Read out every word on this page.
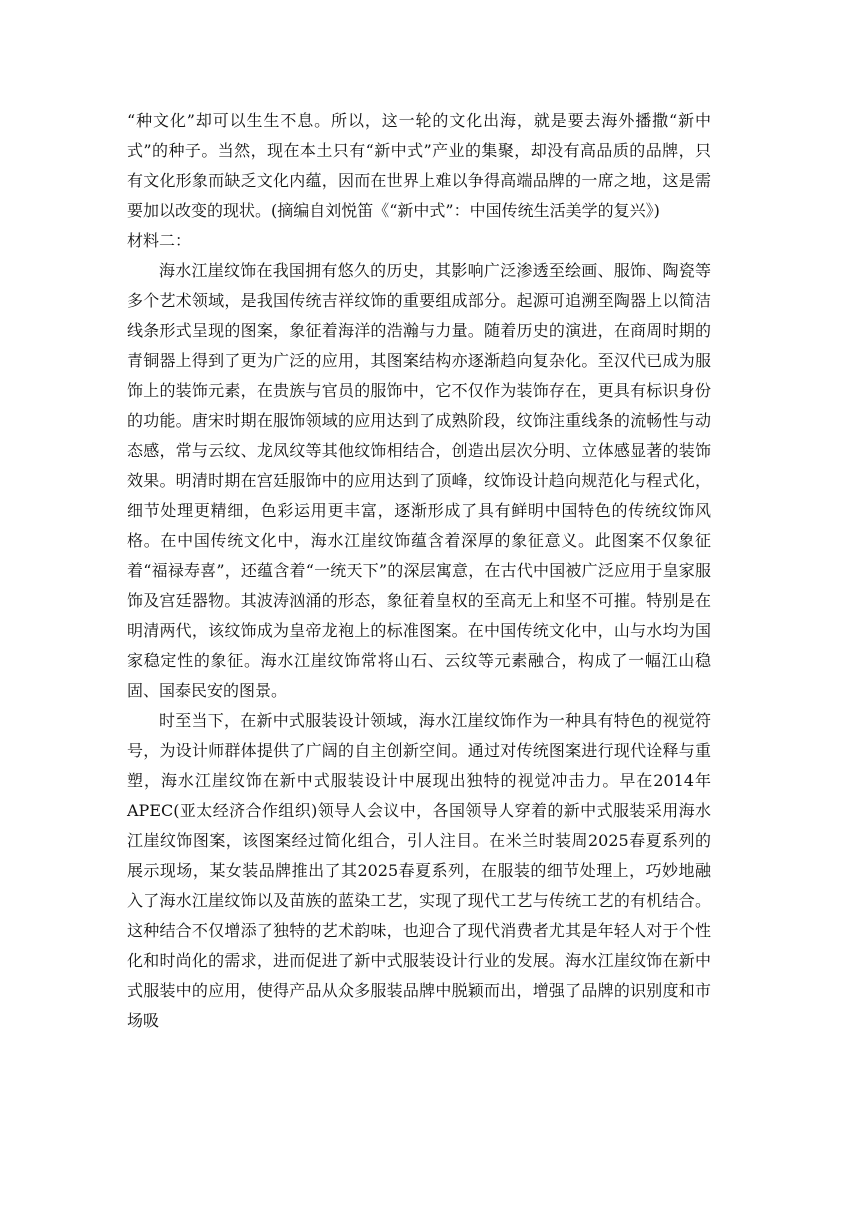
“种文化”却可以生生不息。所以，这一轮的文化出海，就是要去海外播撒“新中式”的种子。当然，现在本土只有“新中式”产业的集聚，却没有高品质的品牌，只有文化形象而缺乏文化内蕴，因而在世界上难以争得高端品牌的一席之地，这是需要加以改变的现状。(摘编自刘悦笛《“新中式”：中国传统生活美学的复兴》)

材料二：

海水江崖纹饰在我国拥有悠久的历史，其影响广泛渗透至绘画、服饰、陶瓷等多个艺术领域，是我国传统吉祥纹饰的重要组成部分。起源可追溯至陶器上以简洁线条形式呈现的图案，象征着海洋的浩瀚与力量。随着历史的演进，在商周时期的青铜器上得到了更为广泛的应用，其图案结构亦逐渐趋向复杂化。至汉代已成为服饰上的装饰元素，在贵族与官员的服饰中，它不仅作为装饰存在，更具有标识身份的功能。唐宋时期在服饰领域的应用达到了成熟阶段，纹饰注重线条的流畅性与动态感，常与云纹、龙凤纹等其他纹饰相结合，创造出层次分明、立体感显著的装饰效果。明清时期在宫廷服饰中的应用达到了顶峰，纹饰设计趋向规范化与程式化，细节处理更精细，色彩运用更丰富，逐渐形成了具有鲜明中国特色的传统纹饰风格。在中国传统文化中，海水江崖纹饰蕴含着深厚的象征意义。此图案不仅象征着“福禄寿喜”，还蕴含着“一统天下”的深层寓意，在古代中国被广泛应用于皇家服饰及宫廷器物。其波涛汹涌的形态，象征着皇权的至高无上和坚不可摧。特别是在明清两代，该纹饰成为皇帝龙袍上的标准图案。在中国传统文化中，山与水均为国家稳定性的象征。海水江崖纹饰常将山石、云纹等元素融合，构成了一幅江山稳固、国泰民安的图景。

时至当下，在新中式服装设计领域，海水江崖纹饰作为一种具有特色的视觉符号，为设计师群体提供了广阔的自主创新空间。通过对传统图案进行现代诠释与重塑，海水江崖纹饰在新中式服装设计中展现出独特的视觉冲击力。早在2014年APEC(亚太经济合作组织)领导人会议中，各国领导人穿着的新中式服装采用海水江崖纹饰图案，该图案经过简化组合，引人注目。在米兰时装周2025春夏系列的展示现场，某女装品牌推出了其2025春夏系列，在服装的细节处理上，巧妙地融入了海水江崖纹饰以及苗族的蓝染工艺，实现了现代工艺与传统工艺的有机结合。这种结合不仅增添了独特的艺术韵味，也迎合了现代消费者尤其是年轻人对于个性化和时尚化的需求，进而促进了新中式服装设计行业的发展。海水江崖纹饰在新中式服装中的应用，使得产品从众多服装品牌中脱颖而出，增强了品牌的识别度和市场吸
